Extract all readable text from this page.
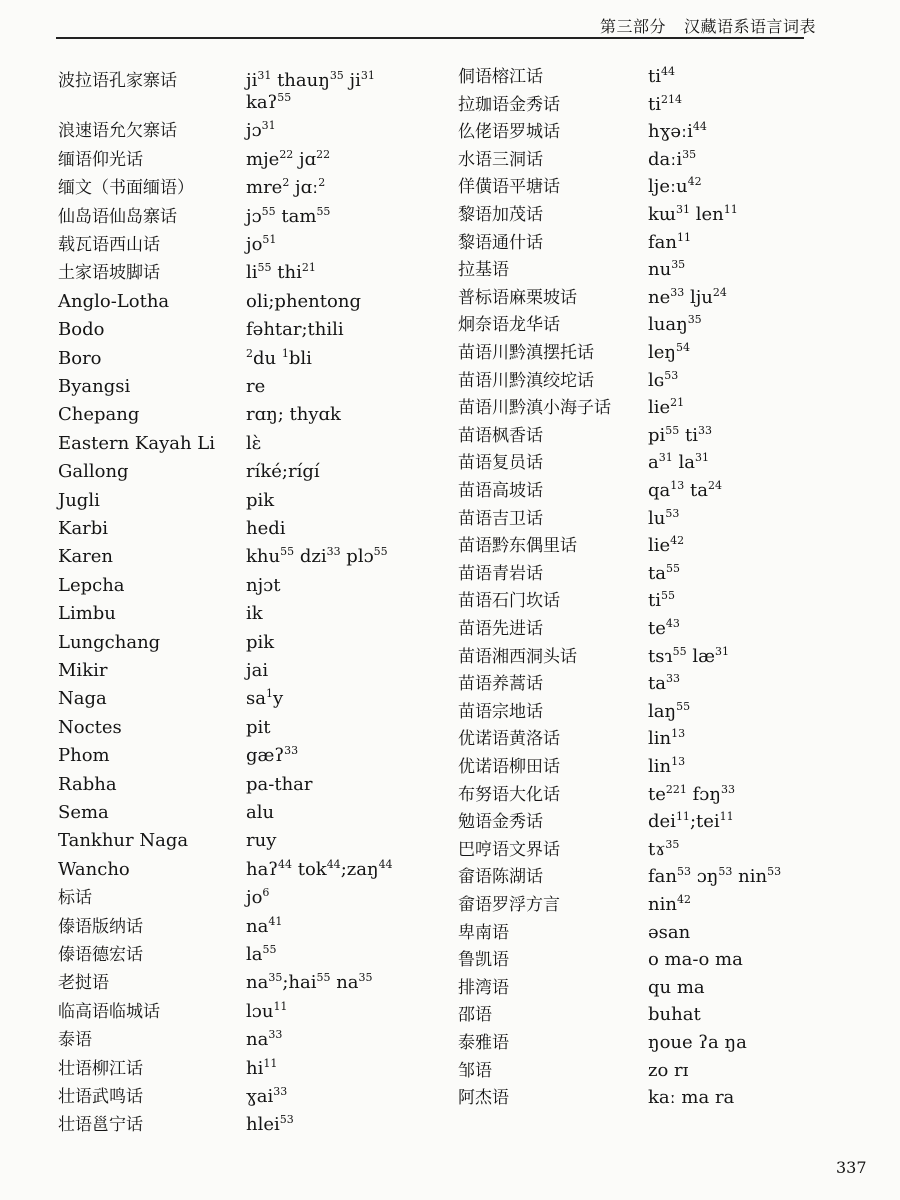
第三部分 汉藏语系语言词表
波拉语孔家寨话
浪速语允欠寨话
缅语仰光话
缅文（书面缅语）
仙岛语仙岛寨话
载瓦语西山话
土家语坡脚话
Anglo-Lotha
Bodo
Boro
Byangsi
Chepang
Eastern Kayah Li
Gallong
Jugli
Karbi
Karen
Lepcha
Limbu
Lungchang
Mikir
Naga
Noctes
Phom
Rabha
Sema
Tankhur Naga
Wancho
标话
傣语版纳话
傣语德宏话
老挝语
临高语临城话
泰语
壮语柳江话
壮语武鸣话
壮语邕宁话
$ji^{31}$ thauŋ$^{35}$ $ji^{31}$
kaʔ$^{55}$
jɔ$^{31}$
mje$^{22}$ jɑ$^{22}$
mre$^2$ jɑː$^2$
jɔ$^{55}$ tam$^{55}$
$jo^{51}$
$li^{55}$ thi$^{21}$
oli;phentong
fəhtar;thili
$^2$du $^1$bli
re
rɑŋ; thyɑk
lɛ̀
ríké;rígí
pik
hedi
khu$^{55}$ dzi$^{33}$ plɔ$^{55}$
njɔt
ik
pik
jai
$sa^1y$
pit
gæʔ$^{33}$
pa-thar
alu
ruy
haʔ$^{44}$ tok$^{44}$;zaŋ$^{44}$
$jo^6$
$na^{41}$
$la^{55}$
$na^{35};hai^{55}$ $na^{35}$
lɔu$^{11}$
$na^{33}$
$hi^{11}$
ɣai$^{33}$
hlei$^{53}$
侗语榕江话
拉珈语金秀话
仫佬语罗城话
水语三洞话
佯僙语平塘话
黎语加茂话
黎语通什话
拉基语
普标语麻栗坡话
炯奈语龙华话
苗语川黔滇摆托话
苗语川黔滇绞坨话
苗语川黔滇小海子话
苗语枫香话
苗语复员话
苗语高坡话
苗语吉卫话
苗语黔东偶里话
苗语青岩话
苗语石门坎话
苗语先进话
苗语湘西洞头话
苗语养蒿话
苗语宗地话
优诺语黄洛话
优诺语柳田话
布努语大化话
勉语金秀话
巴哼语文界话
畲语陈湖话
畲语罗浮方言
卑南语
鲁凯语
排湾语
邵语
泰雅语
邹语
阿杰语
$ti^{44}$
$ti^{214}$
hɣəːi$^{44}$
daːi$^{35}$
ljeːu$^{42}$
kɯ$^{31}$ len$^{11}$
fan$^{11}$
$nu^{35}$
$ne^{33}$ lju$^{24}$
luaŋ$^{35}$
leŋ$^{54}$
lɢ$^{53}$
lie$^{21}$
$pi^{55}$ $ti^{33}$
$a^{31}$ $la^{31}$
$qa^{13}$ $ta^{24}$
$lu^{53}$
lie$^{42}$
$ta^{55}$
$ti^{55}$
$te^{43}$
tsɿ$^{55}$ $læ^{31}$
$ta^{33}$
laŋ$^{55}$
lin$^{13}$
lin$^{13}$
$te^{221}$ fɔŋ$^{33}$
dei$^{11}$;tei$^{11}$
tɤ$^{35}$
fan$^{53}$ ɔŋ$^{53}$ nin$^{53}$
nin$^{42}$
əsan
o ma-o ma
qu ma
buhat
ŋoue ʔa ŋa
zo rɪ
kaː ma ra
337
